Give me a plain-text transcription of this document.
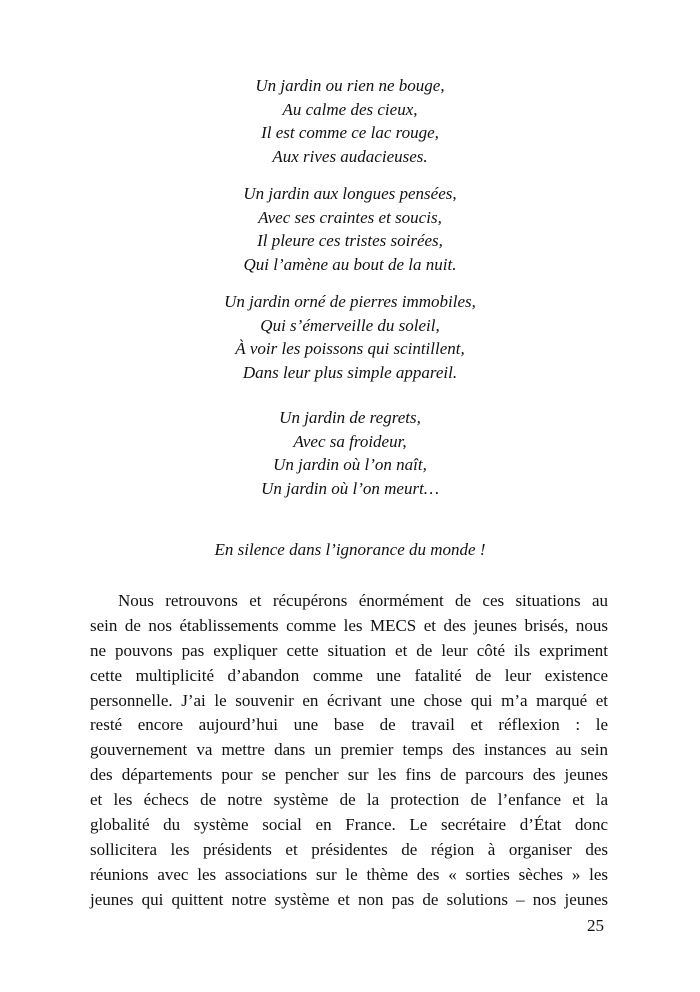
Un jardin ou rien ne bouge,
Au calme des cieux,
Il est comme ce lac rouge,
Aux rives audacieuses.
Un jardin aux longues pensées,
Avec ses craintes et soucis,
Il pleure ces tristes soirées,
Qui l’amène au bout de la nuit.
Un jardin orné de pierres immobiles,
Qui s’émerveille du soleil,
À voir les poissons qui scintillent,
Dans leur plus simple appareil.
Un jardin de regrets,
Avec sa froideur,
Un jardin où l’on naît,
Un jardin où l’on meurt…
En silence dans l’ignorance du monde !
Nous retrouvons et récupérons énormément de ces situations au
sein de nos établissements comme les MECS et des jeunes brisés, nous
ne pouvons pas expliquer cette situation et de leur côté ils expriment
cette multiplicité d’abandon comme une fatalité de leur existence
personnelle. J’ai le souvenir en écrivant une chose qui m’a marqué et
resté encore aujourd’hui une base de travail et réflexion : le
gouvernement va mettre dans un premier temps des instances au sein
des départements pour se pencher sur les fins de parcours des jeunes
et les échecs de notre système de la protection de l’enfance et la
globalité du système social en France. Le secrétaire d’État donc
sollicitera les présidents et présidentes de région à organiser des
réunions avec les associations sur le thème des « sorties sèches » les
jeunes qui quittent notre système et non pas de solutions – nos jeunes
25
